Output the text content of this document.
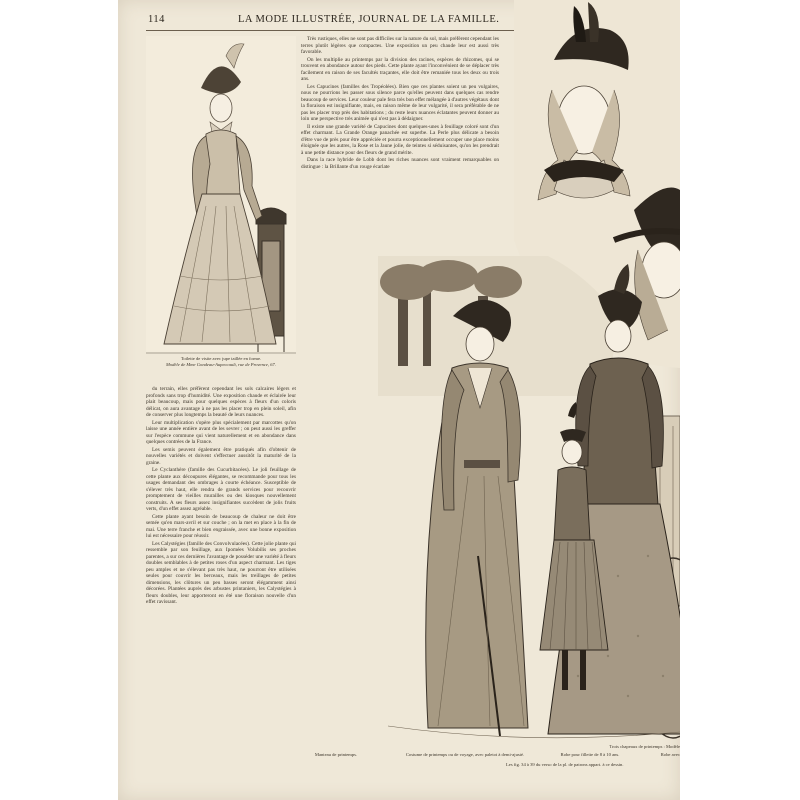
114	LA MODE ILLUSTRÉE, JOURNAL DE LA FAMILLE.
Toilette de visite avec jupe taillée en forme.
Modèle de Mme Gondeau-Aupeccault, rue de Provence, 67.

Très rustiques, elles ne sont pas difficiles sur la nature du sol, mais préfèrent cependant les terres plutôt légères que compactes. Une exposition un peu chaude leur est aussi très favorable.

On les multiplie au printemps par la division des racines, espèces de rhizomes, qui se trouvent en abondance autour des pieds. Cette plante ayant l'inconvénient de se déplacer très facilement en raison de ses facultés traçantes, elle doit être remaniée tous les deux ou trois ans.

Les Capucines (familles des Tropéolées). Bien que ces plantes soient un peu vulgaires, nous ne pourrions les passer sous silence parce qu'elles peuvent dans quelques cas rendre beaucoup de services. Leur couleur pale fera très bon effet mélangée à d'autres végétaux dont la floraison est insignifiante, mais, en raison même de leur vulgarité, il sera préférable de ne pas les placer trop près des habitations ; du reste leurs nuances éclatantes peuvent donner au loin une perspective très animée qui n'est pas à dédaigner.

Il existe une grande variété de Capucines dont quelques-unes à feuillage coloré sont d'un effet charmant. La Grande Orange panachée est superbe. La Perle plus délicate a besoin d'être vue de près pour être appréciée et pourra exceptionnellement occuper une place moins éloignée que les autres, la Rose et la Jaune jolie, de teintes si séduisantes, qu'on les prendrait à une petite distance pour des fleurs de grand mérite.

Dans la race hybride de Lobb dont les riches nuances sont vraiment remarquables on distingue : la Brillante d'un rouge écarlate

du terrain, elles préfèrent cependant les sols calcaires légers et profonds sans trop d'humidité. Une exposition chaude et éclairée leur plait beaucoup, mais pour quelques espèces à fleurs d'un coloris délicat, on aura avantage à ne pas les placer trop en plein soleil, afin de conserver plus longtemps la beauté de leurs nuances.

Leur multiplication s'opère plus spécialement par marcottes qu'on laisse une année entière avant de les sevrer ; on peut aussi les greffer sur l'espèce commune qui vient naturellement et en abondance dans quelques contrées de la France.

Les semis peuvent également être pratiqués afin d'obtenir de nouvelles variétés et doivent s'effectuer aussitôt la maturité de la graine.

Le Cyclanthère (famille des Cucurbitacées). Le joli feuillage de cette plante aux découpures élégantes, se recommande pour tous les usages demandant des ombrages à courte échéance. Susceptible de s'élever très haut, elle rendra de grands services pour recouvrir promptement de vieilles murailles ou des kiosques nouvellement construits. A ses fleurs assez insignifiantes succèdent de jolis fruits verts, d'un effet assez agréable.

Cette plante ayant besoin de beaucoup de chaleur ne doit être semée qu'en mars-avril et sur couche ; on la met en place à la fin de mai. Une terre franche et bien engraissée, avec une bonne exposition lui est nécessaire pour réussir.

Les Calystégies (famille des Convolvulacées). Cette jolie plante qui ressemble par son feuillage, aux Ipomées Volubilis ses proches parentes, a sur ces dernières l'avantage de posséder une variété à fleurs doubles semblables à de petites roses d'un aspect charmant. Les tiges peu amples et ne s'élevant pas très haut, ne pourront être utilisées seules pour couvrir les berceaux, mais les treillages de petites dimensions, les clôtures un peu basses seront élégamment ainsi décorées. Plantées auprès des arbustes printaniers, les Calystégies à fleurs doubles, leur apporteront en été une floraison nouvelle d'un effet ravissant.

Manteau de printemps.	Costume de printemps ou de voyage, avec paletot à demi-ajusté.	Robe pour fillette de 8 à 10 ans.
Trois chapeaux de printemps : Modèle
Robe avec
Les fig. 34 à 39 du verso de la pl. de patrons appart. à ce dessin.
